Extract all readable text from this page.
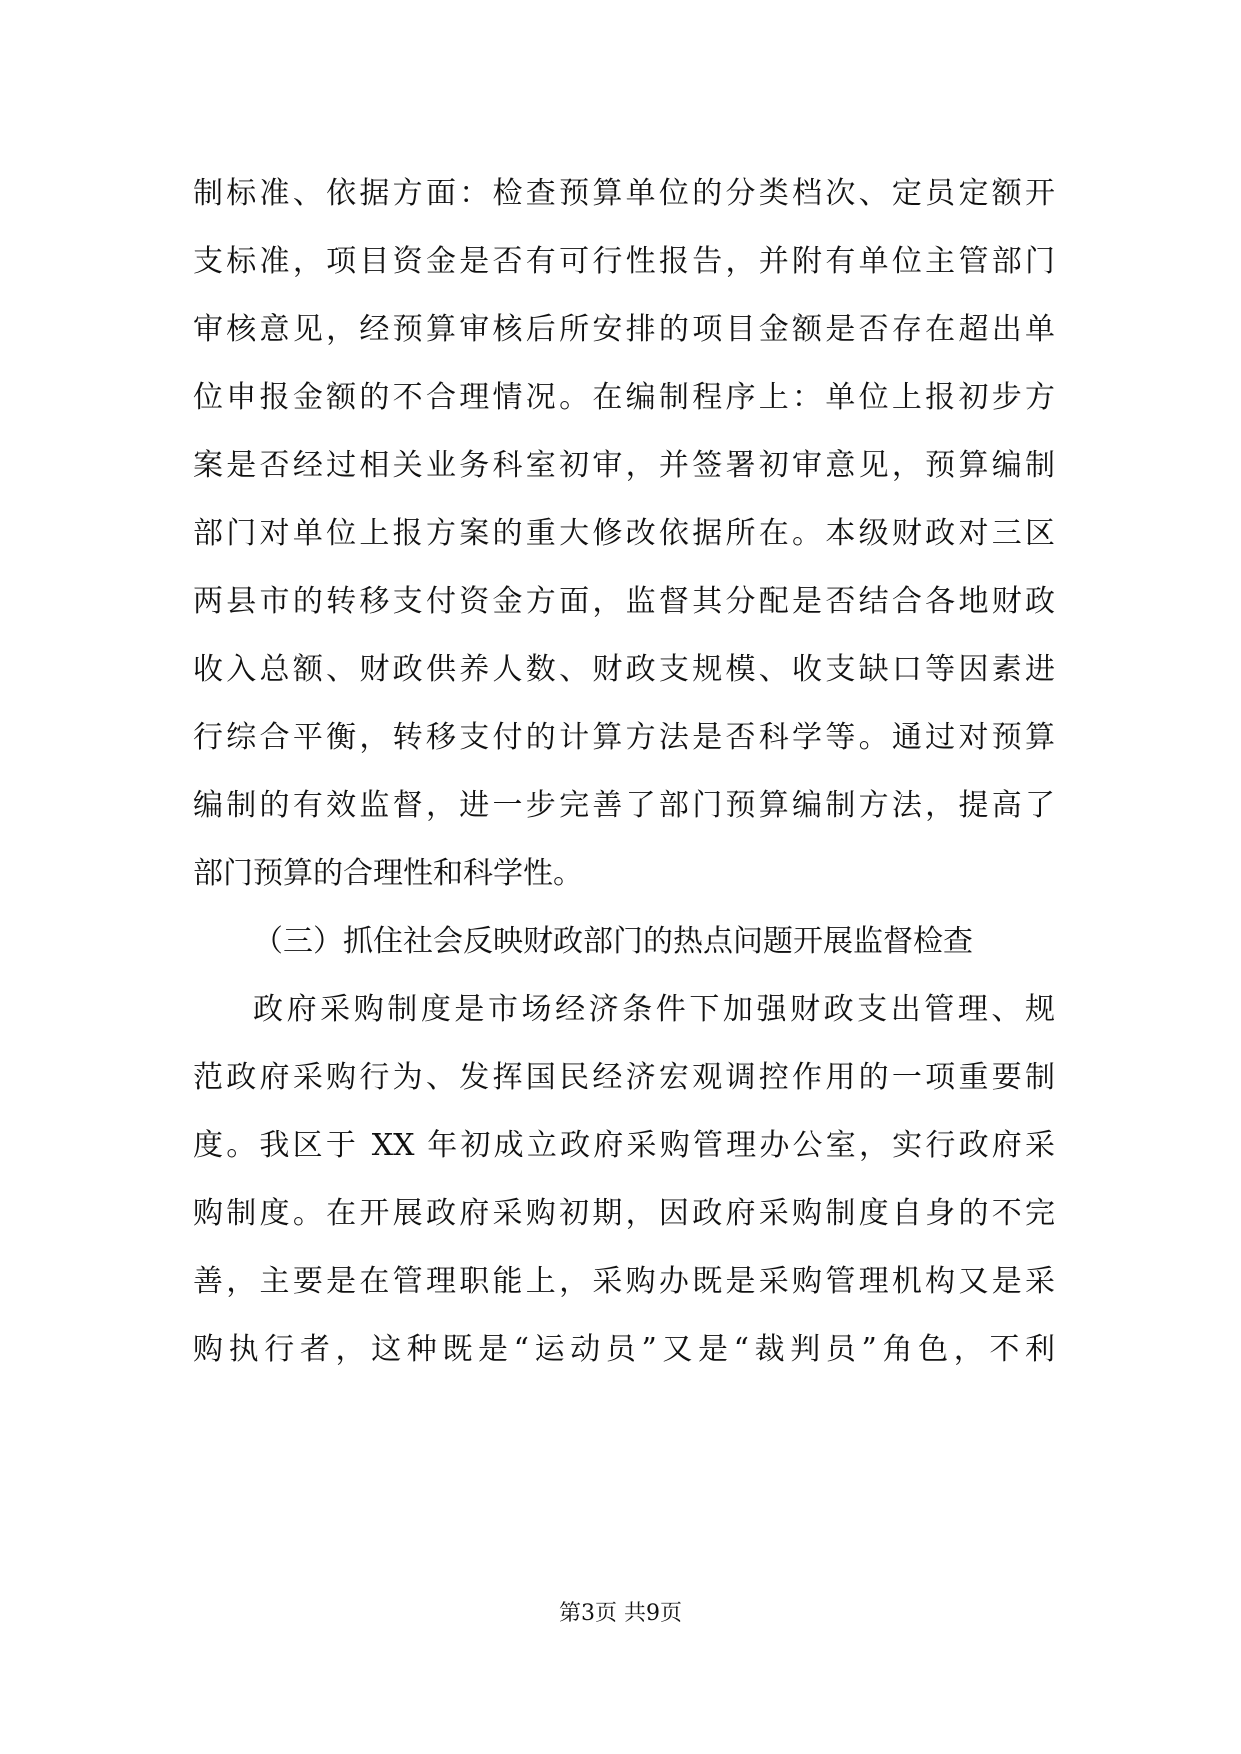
制标准、依据方面：检查预算单位的分类档次、定员定额开
支标准，项目资金是否有可行性报告，并附有单位主管部门
审核意见，经预算审核后所安排的项目金额是否存在超出单
位申报金额的不合理情况。在编制程序上：单位上报初步方
案是否经过相关业务科室初审，并签署初审意见，预算编制
部门对单位上报方案的重大修改依据所在。本级财政对三区
两县市的转移支付资金方面，监督其分配是否结合各地财政
收入总额、财政供养人数、财政支规模、收支缺口等因素进
行综合平衡，转移支付的计算方法是否科学等。通过对预算
编制的有效监督，进一步完善了部门预算编制方法，提高了
部门预算的合理性和科学性。
（三）抓住社会反映财政部门的热点问题开展监督检查
政府采购制度是市场经济条件下加强财政支出管理、规
范政府采购行为、发挥国民经济宏观调控作用的一项重要制
度。我区于 XX 年初成立政府采购管理办公室，实行政府采
购制度。在开展政府采购初期，因政府采购制度自身的不完
善，主要是在管理职能上，采购办既是采购管理机构又是采
购执行者，这种既是“运动员”又是“裁判员”角色，不利
第3页 共9页
